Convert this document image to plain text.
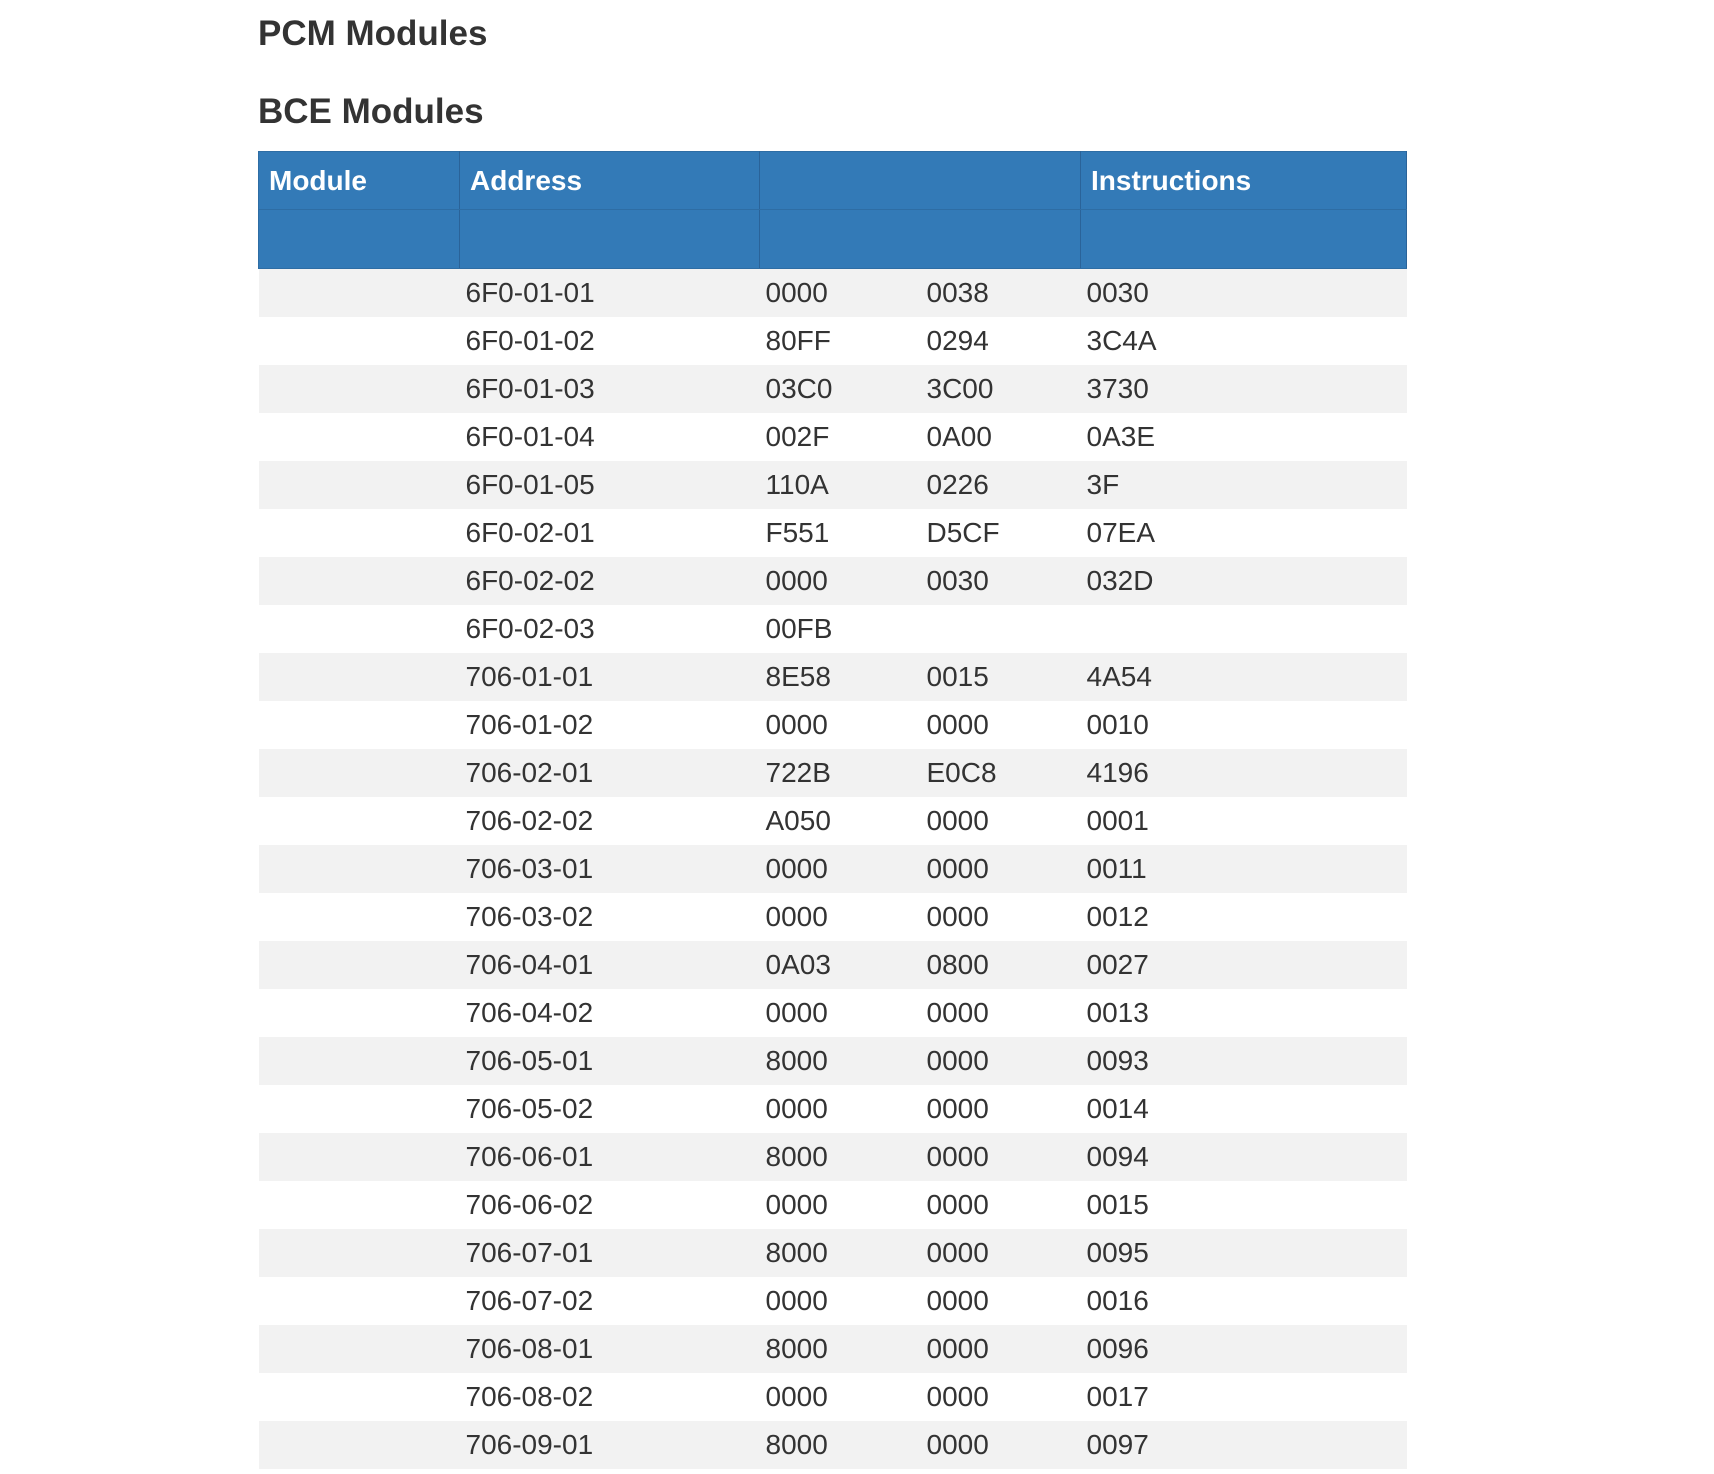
PCM Modules
BCE Modules
Module	Address			Instructions

	6F0-01-01	0000	0038	0030
	6F0-01-02	80FF	0294	3C4A
	6F0-01-03	03C0	3C00	3730
	6F0-01-04	002F	0A00	0A3E
	6F0-01-05	110A	0226	3F
	6F0-02-01	F551	D5CF	07EA
	6F0-02-02	0000	0030	032D
	6F0-02-03	00FB		
	706-01-01	8E58	0015	4A54
	706-01-02	0000	0000	0010
	706-02-01	722B	E0C8	4196
	706-02-02	A050	0000	0001
	706-03-01	0000	0000	0011
	706-03-02	0000	0000	0012
	706-04-01	0A03	0800	0027
	706-04-02	0000	0000	0013
	706-05-01	8000	0000	0093
	706-05-02	0000	0000	0014
	706-06-01	8000	0000	0094
	706-06-02	0000	0000	0015
	706-07-01	8000	0000	0095
	706-07-02	0000	0000	0016
	706-08-01	8000	0000	0096
	706-08-02	0000	0000	0017
	706-09-01	8000	0000	0097
